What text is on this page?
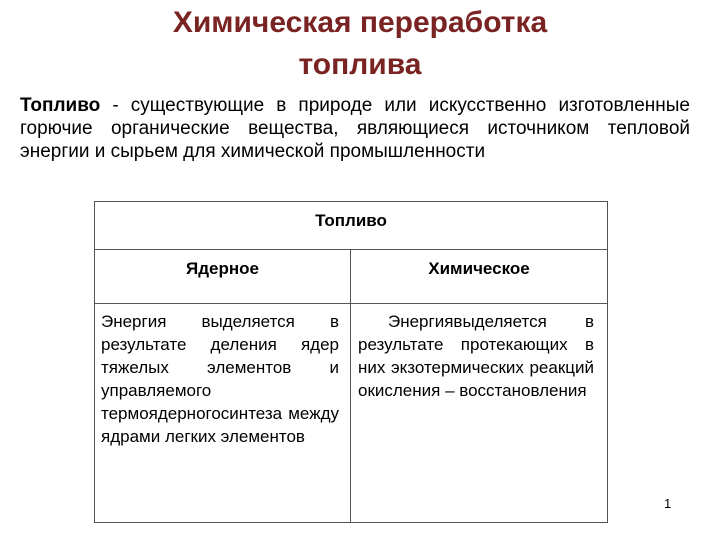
Химическая переработка
топлива
Топливо - существующие в природе или искусственно изготовленные горючие органические вещества, являющиеся источником тепловой энергии и сырьем для химической промышленности
Топливо
Ядерное	Химическое
Энергия выделяется в результате деления ядер тяжелых элементов и управляемого термоядерногосинтеза между ядрами легких элементов
Энергиявыделяется в результате протекающих в них экзотермических реакций окисления – восстановления
1
